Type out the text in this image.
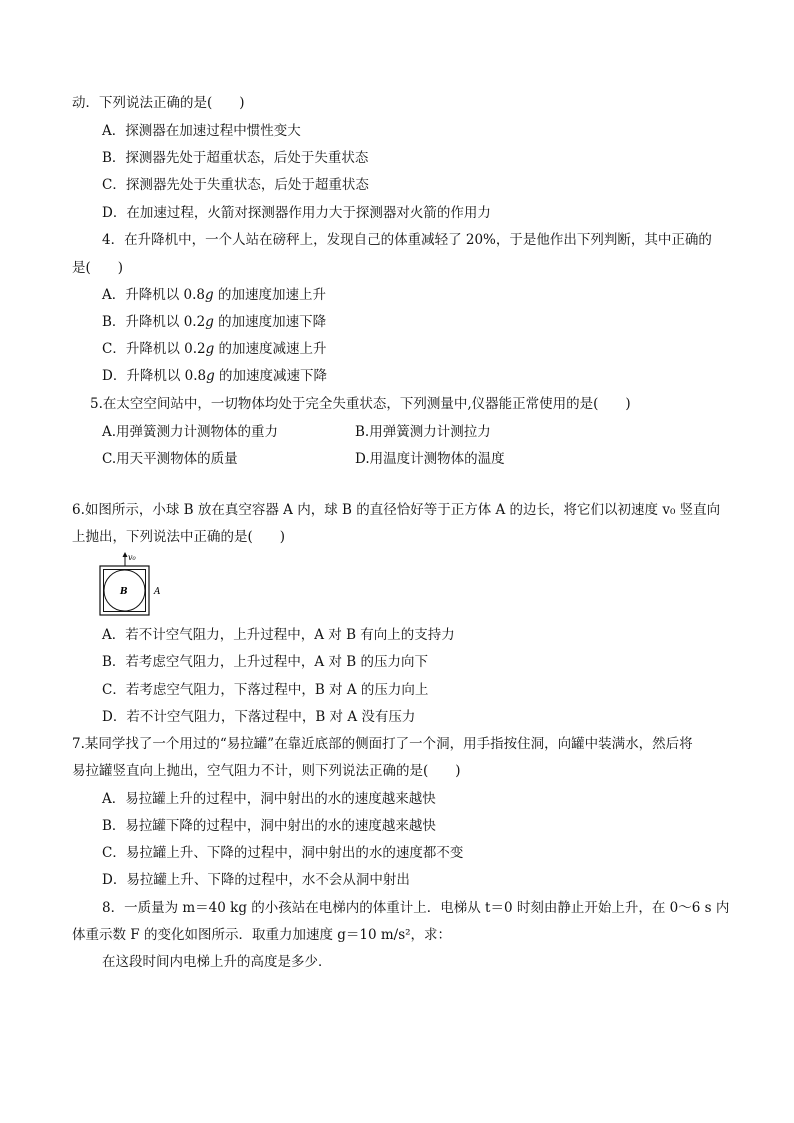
动．下列说法正确的是(　　)
A．探测器在加速过程中惯性变大
B．探测器先处于超重状态，后处于失重状态
C．探测器先处于失重状态，后处于超重状态
D．在加速过程，火箭对探测器作用力大于探测器对火箭的作用力
4．在升降机中，一个人站在磅秤上，发现自己的体重减轻了 20%，于是他作出下列判断，其中正确的
是(　　)
A．升降机以 0.8g 的加速度加速上升
B．升降机以 0.2g 的加速度加速下降
C．升降机以 0.2g 的加速度减速上升
D．升降机以 0.8g 的加速度减速下降
5.在太空空间站中，一切物体均处于完全失重状态，下列测量中,仪器能正常使用的是(　　)
A.用弹簧测力计测物体的重力	B.用弹簧测力计测拉力
C.用天平测物体的质量	D.用温度计测物体的温度
6.如图所示，小球 B 放在真空容器 A 内，球 B 的直径恰好等于正方体 A 的边长，将它们以初速度 v₀ 竖直向
上抛出，下列说法中正确的是(　　)
v₀
B	A
A．若不计空气阻力，上升过程中，A 对 B 有向上的支持力
B．若考虑空气阻力，上升过程中，A 对 B 的压力向下
C．若考虑空气阻力，下落过程中，B 对 A 的压力向上
D．若不计空气阻力，下落过程中，B 对 A 没有压力
7.某同学找了一个用过的“易拉罐”在靠近底部的侧面打了一个洞，用手指按住洞，向罐中装满水，然后将
易拉罐竖直向上抛出，空气阻力不计，则下列说法正确的是(　　)
A．易拉罐上升的过程中，洞中射出的水的速度越来越快
B．易拉罐下降的过程中，洞中射出的水的速度越来越快
C．易拉罐上升、下降的过程中，洞中射出的水的速度都不变
D．易拉罐上升、下降的过程中，水不会从洞中射出
8．一质量为 m＝40 kg 的小孩站在电梯内的体重计上．电梯从 t＝0 时刻由静止开始上升，在 0～6 s 内
体重示数 F 的变化如图所示．取重力加速度 g＝10 m/s²，求：
在这段时间内电梯上升的高度是多少．
